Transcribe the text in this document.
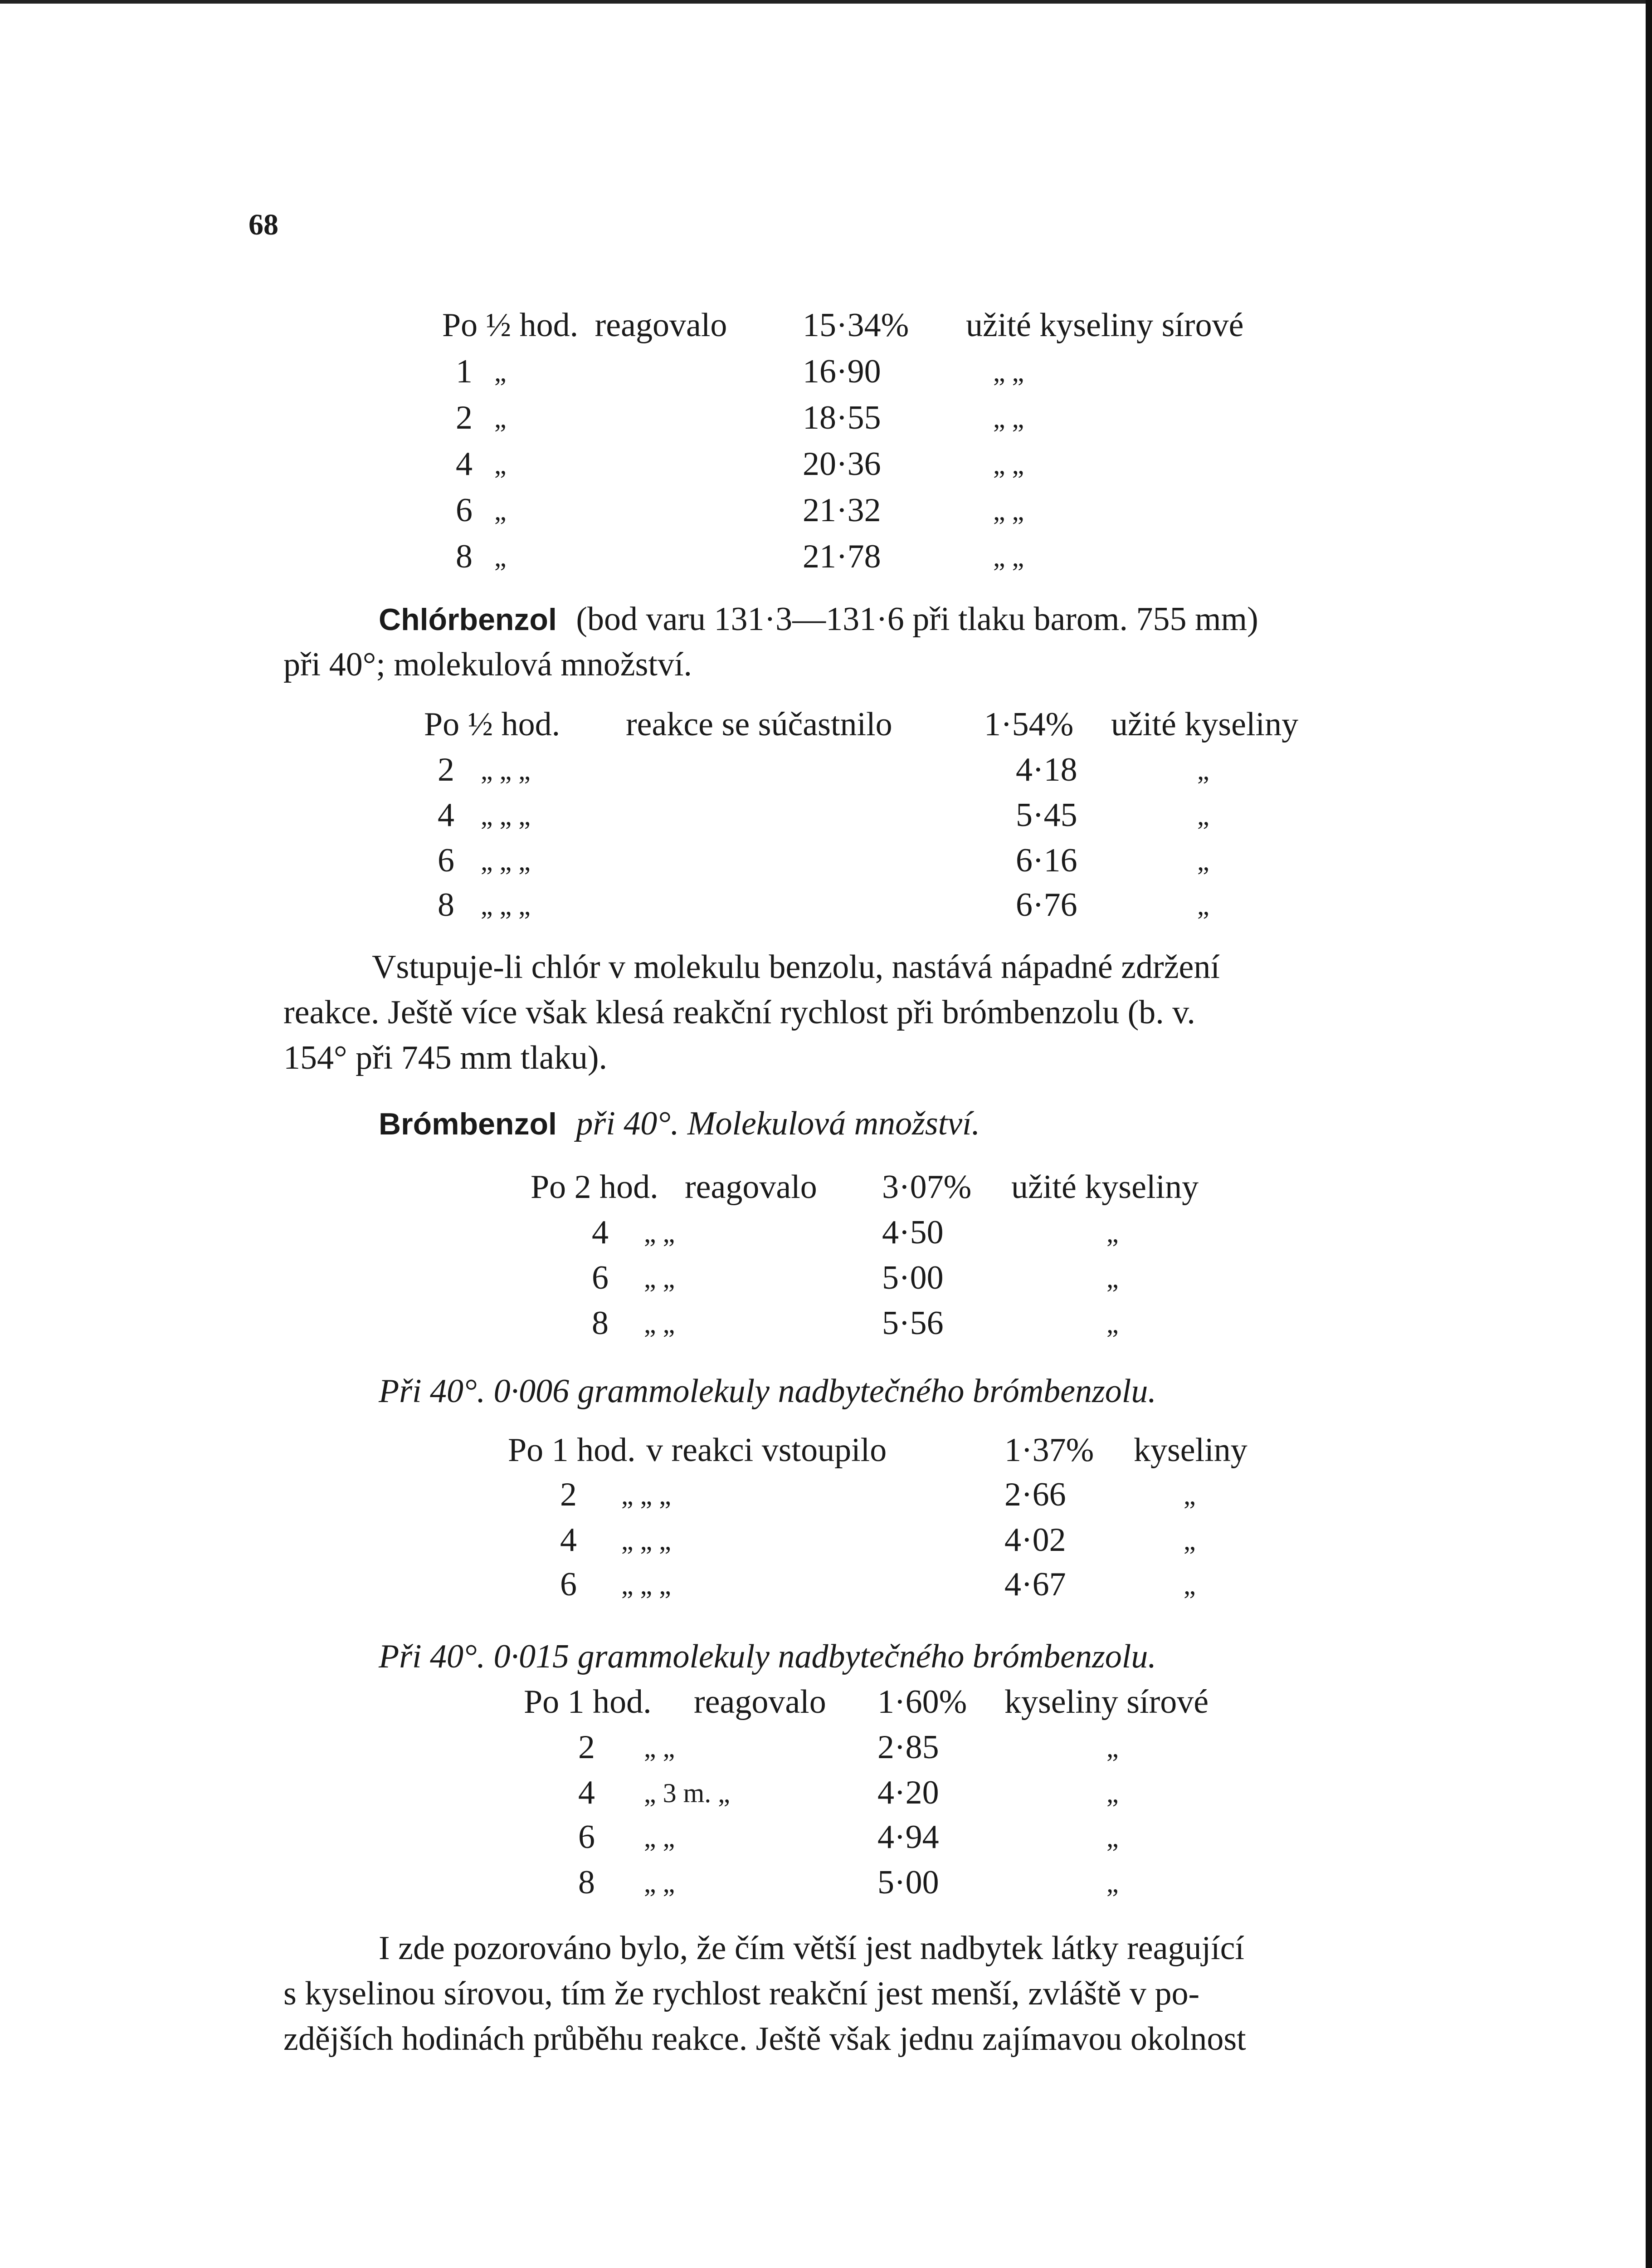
68
Po ½ hod. reagovalo 15·34% užité kyseliny sírové
1 „	16·90	„ „
2 „	18·55	„ „
4 „	20·36	„ „
6 „	21·32	„ „
8 „	21·78	„ „
Chlórbenzol (bod varu 131·3—131·6 při tlaku barom. 755 mm)
při 40°; molekulová množství.
Po ½ hod. reakce se súčastnilo	1·54% užité kyseliny
2 „ „ „	4·18	„
4 „ „ „	5·45	„
6 „ „ „	6·16	„
8 „ „ „	6·76	„
Vstupuje-li chlór v molekulu benzolu, nastává nápadné zdržení
reakce. Ještě více však klesá reakční rychlost při brómbenzolu (b. v.
154° při 745 mm tlaku).
Brómbenzol při 40°. Molekulová množství.
Po 2 hod. reagovalo 3·07% užité kyseliny
4 „ „	4·50	„
6 „ „	5·00	„
8 „ „	5·56	„
Při 40°. 0·006 grammolekuly nadbytečného brómbenzolu.
Po 1 hod. v reakci vstoupilo	1·37% kyseliny
2 „ „ „	2·66	„
4 „ „ „	4·02	„
6 „ „ „	4·67	„
Při 40°. 0·015 grammolekuly nadbytečného brómbenzolu.
Po 1 hod. reagovalo 1·60% kyseliny sírové
2 „ „	2·85	„
4 „ 3 m. „	4·20	„
6 „ „	4·94	„
8 „ „	5·00	„
I zde pozorováno bylo, že čím větší jest nadbytek látky reagující
s kyselinou sírovou, tím že rychlost reakční jest menší, zvláště v po-
zdějších hodinách průběhu reakce. Ještě však jednu zajímavou okolnost
